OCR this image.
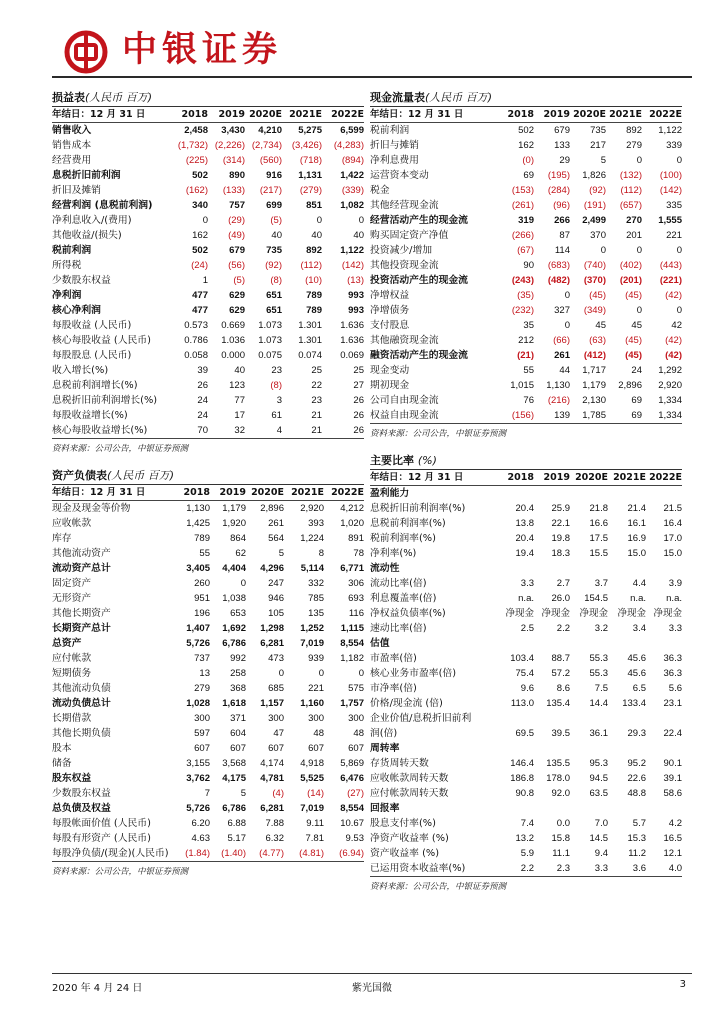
中银证券
损益表(人民币 百万)
年结日：12 月 31 日	2018	2019	2020E	2021E	2022E
销售收入	2,458	3,430	4,210	5,275	6,599
销售成本	(1,732)	(2,226)	(2,734)	(3,426)	(4,283)
经营费用	(225)	(314)	(560)	(718)	(894)
息税折旧前利润	502	890	916	1,131	1,422
折旧及摊销	(162)	(133)	(217)	(279)	(339)
经营利润 (息税前利润)	340	757	699	851	1,082
净利息收入/(费用)	0	(29)	(5)	0	0
其他收益/(损失)	162	(49)	40	40	40
税前利润	502	679	735	892	1,122
所得税	(24)	(56)	(92)	(112)	(142)
少数股东权益	1	(5)	(8)	(10)	(13)
净利润	477	629	651	789	993
核心净利润	477	629	651	789	993
每股收益 (人民币)	0.573	0.669	1.073	1.301	1.636
核心每股收益 (人民币)	0.786	1.036	1.073	1.301	1.636
每股股息 (人民币)	0.058	0.000	0.075	0.074	0.069
收入增长(%)	39	40	23	25	25
息税前利润增长(%)	26	123	(8)	22	27
息税折旧前利润增长(%)	24	77	3	23	26
每股收益增长(%)	24	17	61	21	26
核心每股收益增长(%)	70	32	4	21	26
资料来源：公司公告，中银证券预测
现金流量表(人民币 百万)
年结日：12 月 31 日	2018	2019	2020E	2021E	2022E
税前利润	502	679	735	892	1,122
折旧与摊销	162	133	217	279	339
净利息费用	(0)	29	5	0	0
运营资本变动	69	(195)	1,826	(132)	(100)
税金	(153)	(284)	(92)	(112)	(142)
其他经营现金流	(261)	(96)	(191)	(657)	335
经营活动产生的现金流	319	266	2,499	270	1,555
购买固定资产净值	(266)	87	370	201	221
投资减少/增加	(67)	114	0	0	0
其他投资现金流	90	(683)	(740)	(402)	(443)
投资活动产生的现金流	(243)	(482)	(370)	(201)	(221)
净增权益	(35)	0	(45)	(45)	(42)
净增债务	(232)	327	(349)	0	0
支付股息	35	0	45	45	42
其他融资现金流	212	(66)	(63)	(45)	(42)
融资活动产生的现金流	(21)	261	(412)	(45)	(42)
现金变动	55	44	1,717	24	1,292
期初现金	1,015	1,130	1,179	2,896	2,920
公司自由现金流	76	(216)	2,130	69	1,334
权益自由现金流	(156)	139	1,785	69	1,334
资料来源：公司公告，中银证券预测
资产负债表(人民币 百万)
年结日：12 月 31 日	2018	2019	2020E	2021E	2022E
现金及现金等价物	1,130	1,179	2,896	2,920	4,212
应收帐款	1,425	1,920	261	393	1,020
库存	789	864	564	1,224	891
其他流动资产	55	62	5	8	78
流动资产总计	3,405	4,404	4,296	5,114	6,771
固定资产	260	0	247	332	306
无形资产	951	1,038	946	785	693
其他长期资产	196	653	105	135	116
长期资产总计	1,407	1,692	1,298	1,252	1,115
总资产	5,726	6,786	6,281	7,019	8,554
应付帐款	737	992	473	939	1,182
短期债务	13	258	0	0	0
其他流动负债	279	368	685	221	575
流动负债总计	1,028	1,618	1,157	1,160	1,757
长期借款	300	371	300	300	300
其他长期负债	597	604	47	48	48
股本	607	607	607	607	607
储备	3,155	3,568	4,174	4,918	5,869
股东权益	3,762	4,175	4,781	5,525	6,476
少数股东权益	7	5	(4)	(14)	(27)
总负债及权益	5,726	6,786	6,281	7,019	8,554
每股帐面价值 (人民币)	6.20	6.88	7.88	9.11	10.67
每股有形资产 (人民币)	4.63	5.17	6.32	7.81	9.53
每股净负债/(现金)(人民币)	(1.84)	(1.40)	(4.77)	(4.81)	(6.94)
资料来源：公司公告，中银证券预测
主要比率 (%)
年结日：12 月 31 日	2018	2019	2020E	2021E	2022E
盈利能力					
息税折旧前利润率(%)	20.4	25.9	21.8	21.4	21.5
息税前利润率(%)	13.8	22.1	16.6	16.1	16.4
税前利润率(%)	20.4	19.8	17.5	16.9	17.0
净利率(%)	19.4	18.3	15.5	15.0	15.0
流动性					
流动比率(倍)	3.3	2.7	3.7	4.4	3.9
利息覆盖率(倍)	n.a.	26.0	154.5	n.a.	n.a.
净权益负债率(%)	净现金	净现金	净现金	净现金	净现金
速动比率(倍)	2.5	2.2	3.2	3.4	3.3
估值					
市盈率(倍)	103.4	88.7	55.3	45.6	36.3
核心业务市盈率(倍)	75.4	57.2	55.3	45.6	36.3
市净率(倍)	9.6	8.6	7.5	6.5	5.6
价格/现金流 (倍)	113.0	135.4	14.4	133.4	23.1
企业价值/息税折旧前利					
润(倍)	69.5	39.5	36.1	29.3	22.4
周转率					
存货周转天数	146.4	135.5	95.3	95.2	90.1
应收帐款周转天数	186.8	178.0	94.5	22.6	39.1
应付帐款周转天数	90.8	92.0	63.5	48.8	58.6
回报率					
股息支付率(%)	7.4	0.0	7.0	5.7	4.2
净资产收益率 (%)	13.2	15.8	14.5	15.3	16.5
资产收益率 (%)	5.9	11.1	9.4	11.2	12.1
已运用资本收益率(%)	2.2	2.3	3.3	3.6	4.0
资料来源：公司公告，中银证券预测
2020 年 4 月 24 日	紫光国微	3
